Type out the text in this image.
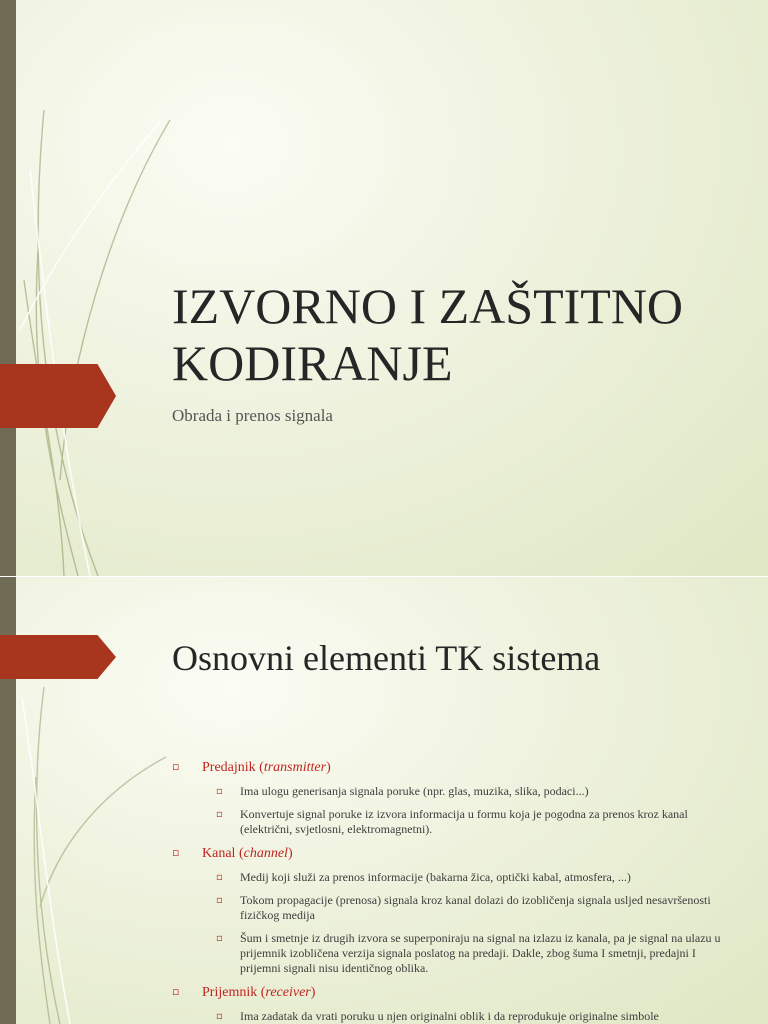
IZVORNO I ZAŠTITNO KODIRANJE
Obrada i prenos signala
Osnovni elementi TK sistema
▫ Predajnik (transmitter)
▫ Ima ulogu generisanja signala poruke (npr. glas, muzika, slika, podaci...)
▫ Konvertuje signal poruke iz izvora informacija u formu koja je pogodna za prenos kroz kanal (električni, svjetlosni, elektromagnetni).
▫ Kanal (channel)
▫ Medij koji služi za prenos informacije (bakarna žica, optički kabal, atmosfera, ...)
▫ Tokom propagacije (prenosa) signala kroz kanal dolazi do izobličenja signala usljed nesavršenosti fizičkog medija
▫ Šum i smetnje iz drugih izvora se superponiraju na signal na izlazu iz kanala, pa je signal na ulazu u prijemnik izobličena verzija signala poslatog na predaji. Dakle, zbog šuma I smetnji, predajni I prijemni signali nisu identičnog oblika.
▫ Prijemnik (receiver)
▫ Ima zadatak da vrati poruku u njen originalni oblik i da reprodukuje originalne simbole
